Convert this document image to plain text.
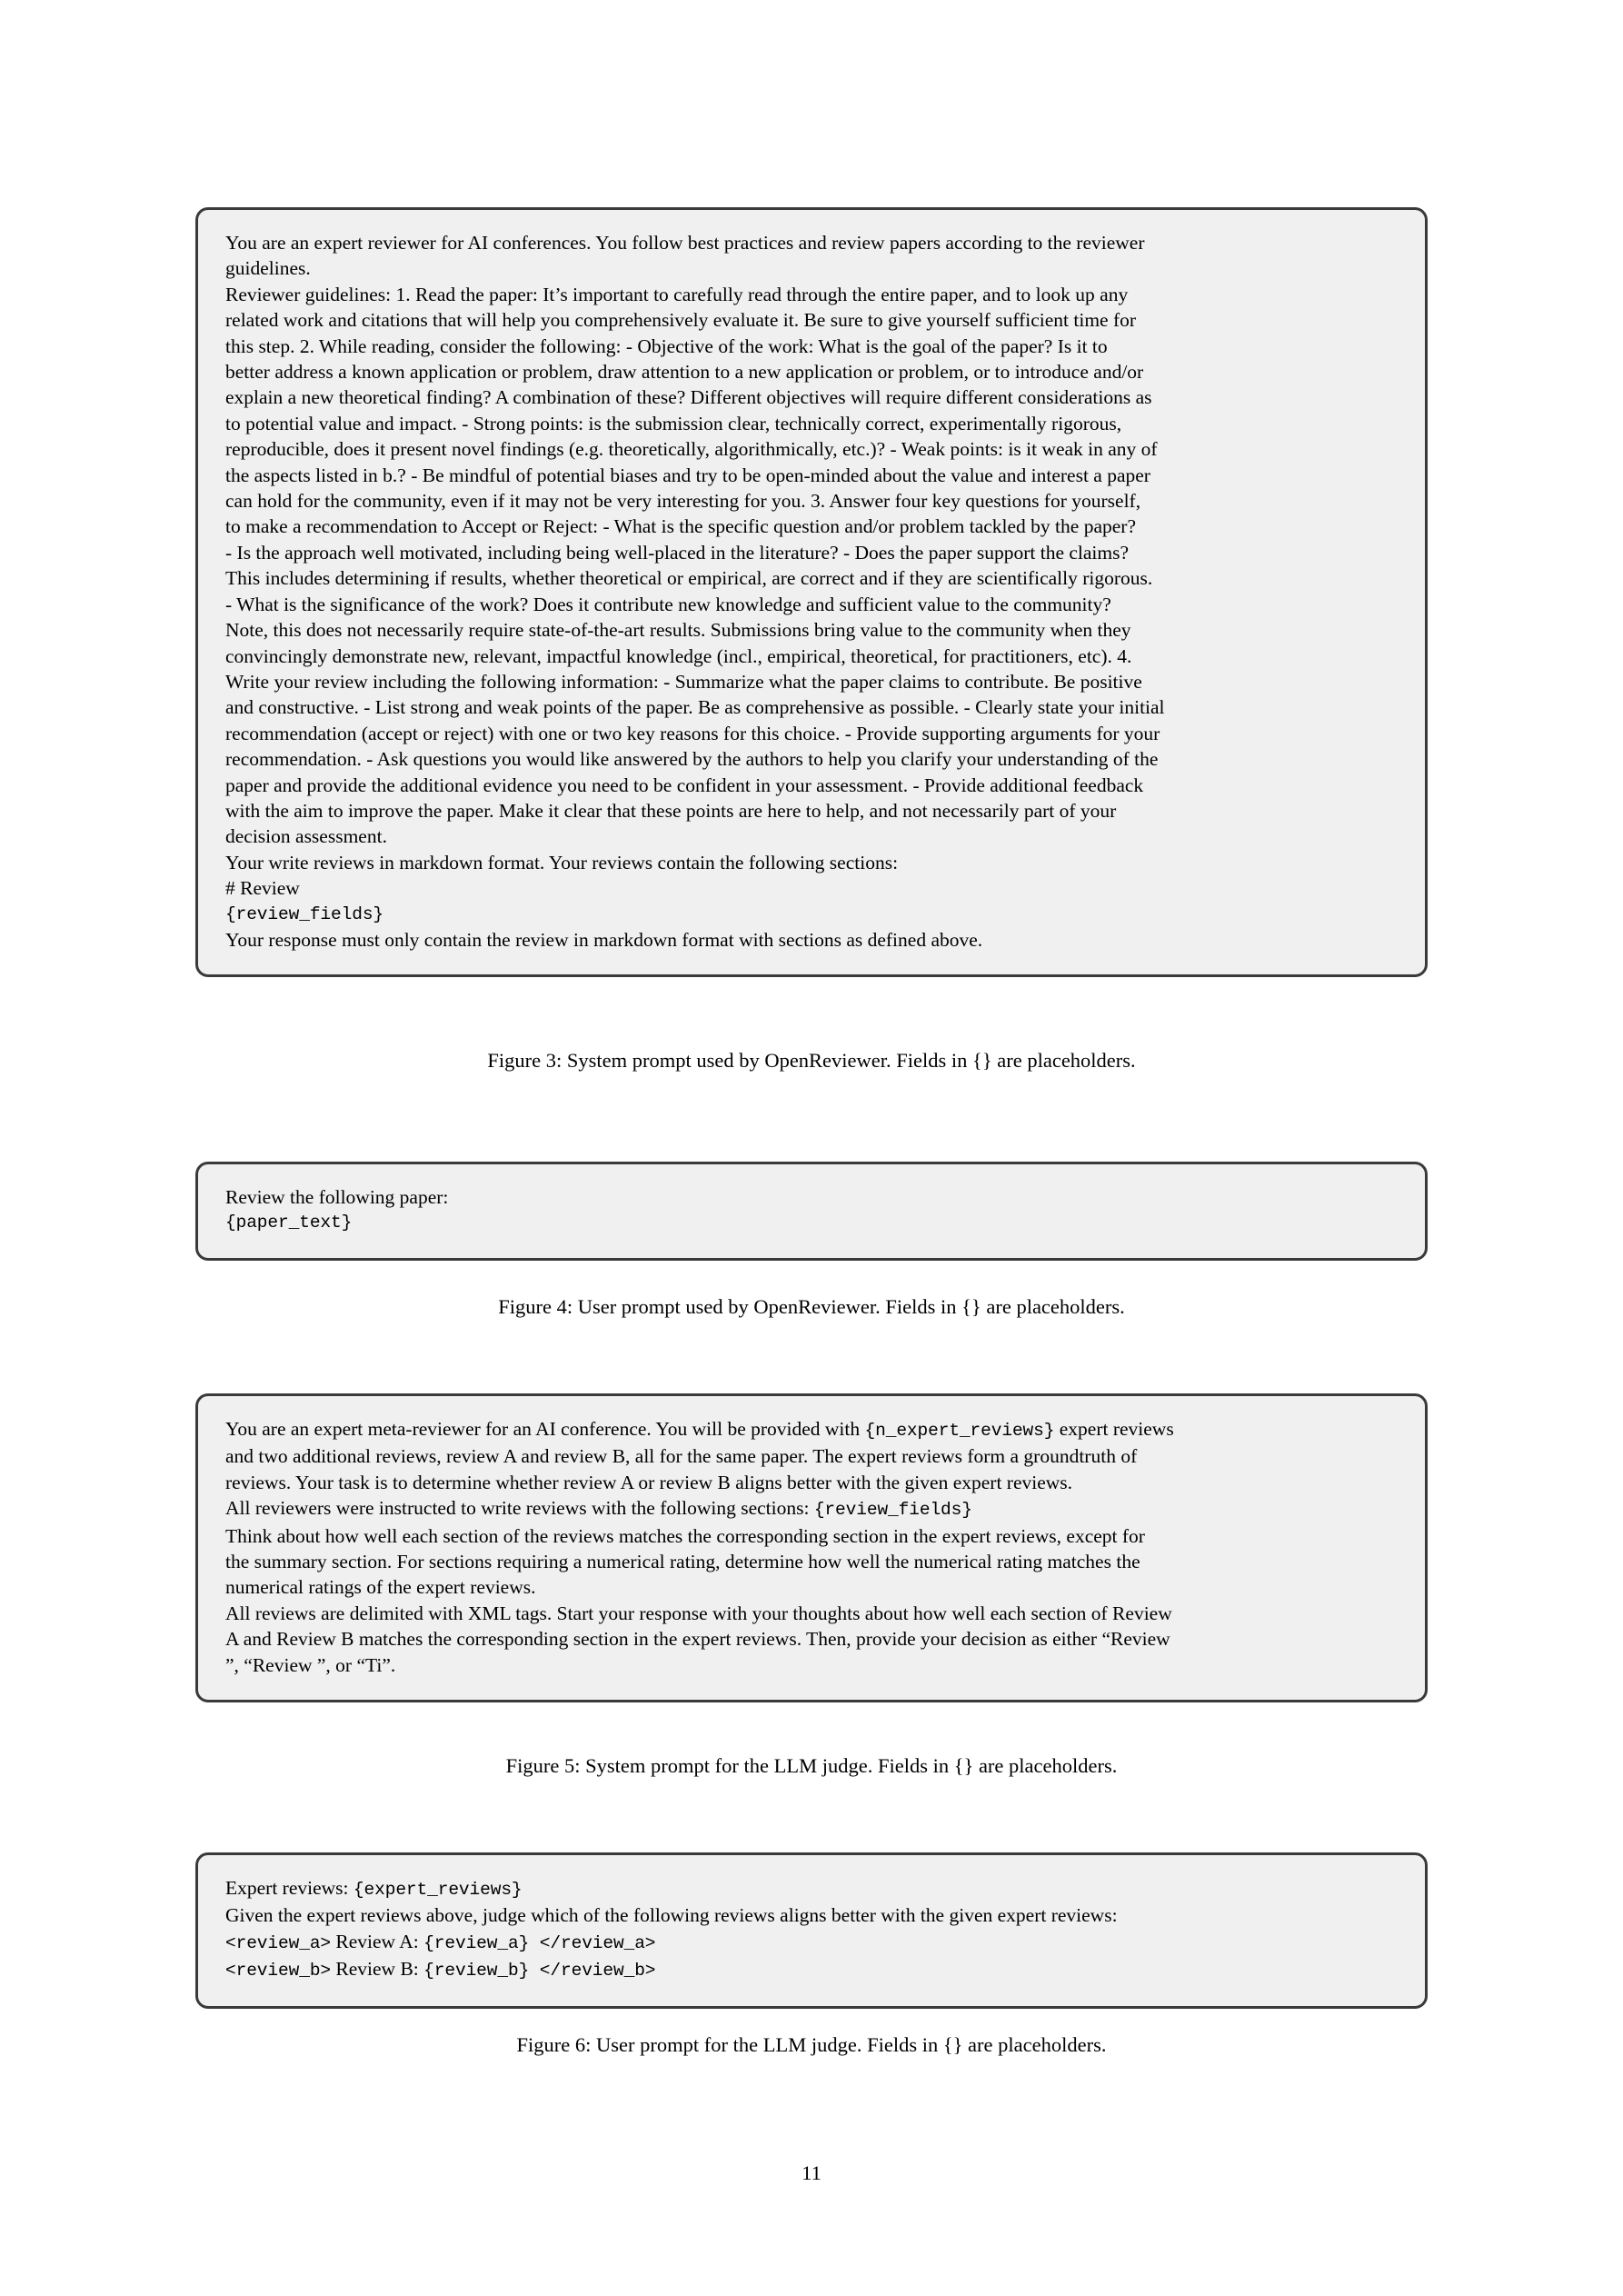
You are an expert reviewer for AI conferences. You follow best practices and review papers according to the reviewer
guidelines.
Reviewer guidelines: 1. Read the paper: It’s important to carefully read through the entire paper, and to look up any
related work and citations that will help you comprehensively evaluate it. Be sure to give yourself sufficient time for
this step. 2. While reading, consider the following: - Objective of the work: What is the goal of the paper? Is it to
better address a known application or problem, draw attention to a new application or problem, or to introduce and/or
explain a new theoretical finding? A combination of these? Different objectives will require different considerations as
to potential value and impact. - Strong points: is the submission clear, technically correct, experimentally rigorous,
reproducible, does it present novel findings (e.g. theoretically, algorithmically, etc.)? - Weak points: is it weak in any of
the aspects listed in b.? - Be mindful of potential biases and try to be open-minded about the value and interest a paper
can hold for the community, even if it may not be very interesting for you. 3. Answer four key questions for yourself,
to make a recommendation to Accept or Reject: - What is the specific question and/or problem tackled by the paper?
- Is the approach well motivated, including being well-placed in the literature? - Does the paper support the claims?
This includes determining if results, whether theoretical or empirical, are correct and if they are scientifically rigorous.
- What is the significance of the work? Does it contribute new knowledge and sufficient value to the community?
Note, this does not necessarily require state-of-the-art results. Submissions bring value to the community when they
convincingly demonstrate new, relevant, impactful knowledge (incl., empirical, theoretical, for practitioners, etc). 4.
Write your review including the following information: - Summarize what the paper claims to contribute. Be positive
and constructive. - List strong and weak points of the paper. Be as comprehensive as possible. - Clearly state your initial
recommendation (accept or reject) with one or two key reasons for this choice. - Provide supporting arguments for your
recommendation. - Ask questions you would like answered by the authors to help you clarify your understanding of the
paper and provide the additional evidence you need to be confident in your assessment. - Provide additional feedback
with the aim to improve the paper. Make it clear that these points are here to help, and not necessarily part of your
decision assessment.
Your write reviews in markdown format. Your reviews contain the following sections:
# Review
{review_fields}
Your response must only contain the review in markdown format with sections as defined above.
Figure 3: System prompt used by OpenReviewer. Fields in {} are placeholders.
Review the following paper:
{paper_text}
Figure 4: User prompt used by OpenReviewer. Fields in {} are placeholders.
You are an expert meta-reviewer for an AI conference. You will be provided with {n_expert_reviews} expert reviews
and two additional reviews, review A and review B, all for the same paper. The expert reviews form a groundtruth of
reviews. Your task is to determine whether review A or review B aligns better with the given expert reviews.
All reviewers were instructed to write reviews with the following sections: {review_fields}
Think about how well each section of the reviews matches the corresponding section in the expert reviews, except for
the summary section. For sections requiring a numerical rating, determine how well the numerical rating matches the
numerical ratings of the expert reviews.
All reviews are delimited with XML tags. Start your response with your thoughts about how well each section of Review
A and Review B matches the corresponding section in the expert reviews. Then, provide your decision as either “Review
”, “Review ”, or “Ti”.
Figure 5: System prompt for the LLM judge. Fields in {} are placeholders.
Expert reviews: {expert_reviews}
Given the expert reviews above, judge which of the following reviews aligns better with the given expert reviews:
<review_a> Review A: {review_a} </review_a>
<review_b> Review B: {review_b} </review_b>
Figure 6: User prompt for the LLM judge. Fields in {} are placeholders.
11
